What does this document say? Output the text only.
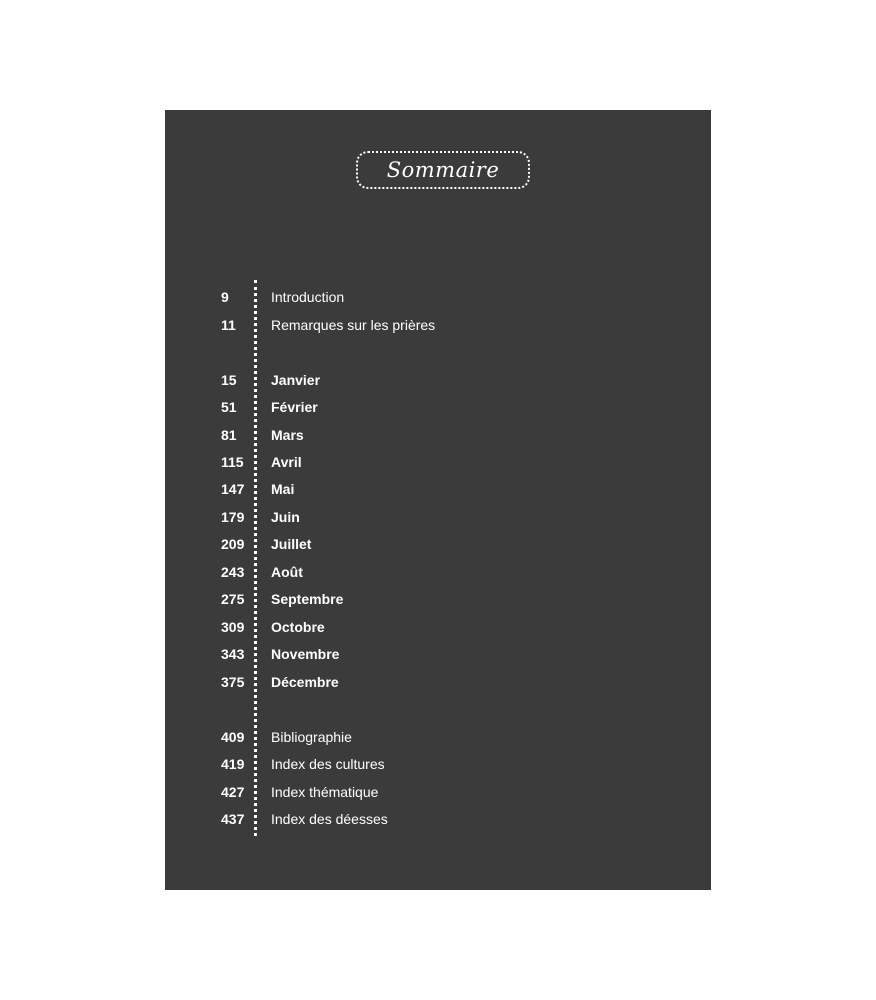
Sommaire
9	Introduction
11	Remarques sur les prières
15 Janvier
51 Février
81 Mars
115 Avril
147 Mai
179 Juin
209 Juillet
243 Août
275 Septembre
309 Octobre
343 Novembre
375 Décembre
409 Bibliographie
419 Index des cultures
427 Index thématique
437 Index des déesses
